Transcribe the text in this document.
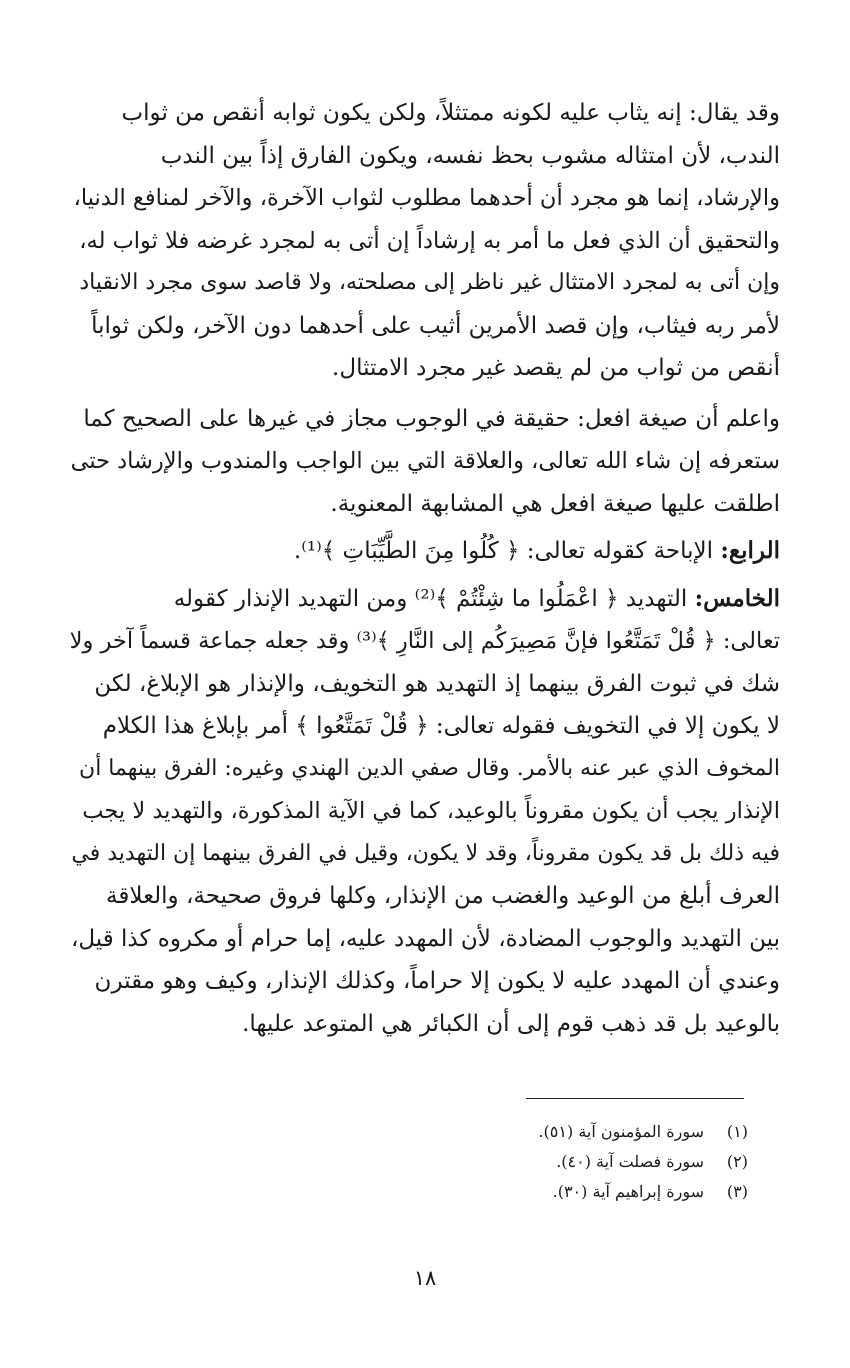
وقد يقال: إنه يثاب عليه لكونه ممتثلاً، ولكن يكون ثوابه أنقص من ثواب
الندب، لأن امتثاله مشوب بحظ نفسه، ويكون الفارق إذاً بين الندب
والإرشاد، إنما هو مجرد أن أحدهما مطلوب لثواب الآخرة، والآخر لمنافع الدنيا،
والتحقيق أن الذي فعل ما أمر به إرشاداً إن أتى به لمجرد غرضه فلا ثواب له،
وإن أتى به لمجرد الامتثال غير ناظر إلى مصلحته، ولا قاصد سوى مجرد الانقياد
لأمر ربه فيثاب، وإن قصد الأمرين أثيب على أحدهما دون الآخر، ولكن ثواباً
أنقص من ثواب من لم يقصد غير مجرد الامتثال.

واعلم أن صيغة افعل: حقيقة في الوجوب مجاز في غيرها على الصحيح كما
ستعرفه إن شاء الله تعالى، والعلاقة التي بين الواجب والمندوب والإرشاد حتى
اطلقت عليها صيغة افعل هي المشابهة المعنوية.

الرابع: الإباحة كقوله تعالى: ﴿ كُلُوا مِنَ الطَّيِّبَاتِ ﴾⁽¹⁾.

الخامس: التهديد ﴿ اعْمَلُوا ما شِئْتُمْ ﴾⁽²⁾ ومن التهديد الإنذار كقوله
تعالى: ﴿ قُلْ تَمَتَّعُوا فإنَّ مَصِيرَكُم إلى النَّارِ ﴾⁽³⁾ وقد جعله جماعة قسماً آخر ولا
شك في ثبوت الفرق بينهما إذ التهديد هو التخويف، والإنذار هو الإبلاغ، لكن
لا يكون إلا في التخويف فقوله تعالى: ﴿ قُلْ تَمَتَّعُوا ﴾ أمر بإبلاغ هذا الكلام
المخوف الذي عبر عنه بالأمر. وقال صفي الدين الهندي وغيره: الفرق بينهما أن
الإنذار يجب أن يكون مقروناً بالوعيد، كما في الآية المذكورة، والتهديد لا يجب
فيه ذلك بل قد يكون مقروناً، وقد لا يكون، وقيل في الفرق بينهما إن التهديد في
العرف أبلغ من الوعيد والغضب من الإنذار، وكلها فروق صحيحة، والعلاقة
بين التهديد والوجوب المضادة، لأن المهدد عليه، إما حرام أو مكروه كذا قيل،
وعندي أن المهدد عليه لا يكون إلا حراماً، وكذلك الإنذار، وكيف وهو مقترن
بالوعيد بل قد ذهب قوم إلى أن الكبائر هي المتوعد عليها.

(١)
سورة المؤمنون آية (٥١).
(٢)
سورة فصلت آية (٤٠).
(٣)
سورة إبراهيم آية (٣٠).
١٨
